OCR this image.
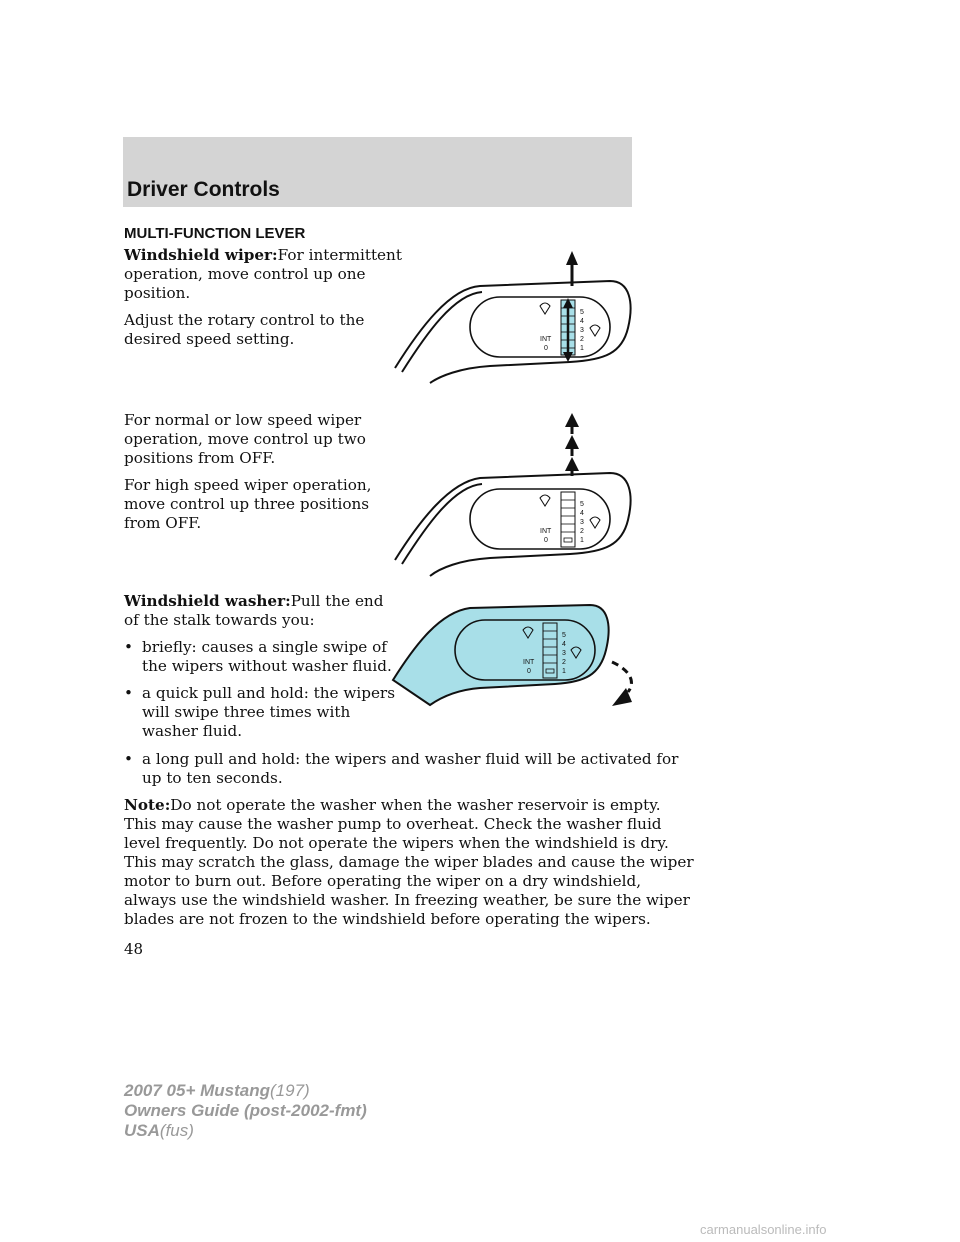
Driver Controls
MULTI-FUNCTION LEVER

Windshield wiper:For intermittent

operation, move control up one

position.

Adjust the rotary control to the

desired speed setting.

For normal or low speed wiper

operation, move control up two

positions from OFF.

For high speed wiper operation,

move control up three positions

from OFF.

Windshield washer:Pull the end

of the stalk towards you:

• briefly: causes a single swipe of
the wipers without washer fluid.
• a quick pull and hold: the wipers
will swipe three times with
washer fluid.
• a long pull and hold: the wipers and washer fluid will be activated for
up to ten seconds.

Note:Do not operate the washer when the washer reservoir is empty.

This may cause the washer pump to overheat. Check the washer fluid

level frequently. Do not operate the wipers when the windshield is dry.

This may scratch the glass, damage the wiper blades and cause the wiper

motor to burn out. Before operating the wiper on a dry windshield,

always use the windshield washer. In freezing weather, be sure the wiper

blades are not frozen to the windshield before operating the wipers.

48
2007 05+ Mustang(197)
Owners Guide (post-2002-fmt)
USA(fus)
carmanualsonline.info
INT
0
5
4
3
2
1
INT
0
5
4
3
2
1
INT
0
5
4
3
2
1
